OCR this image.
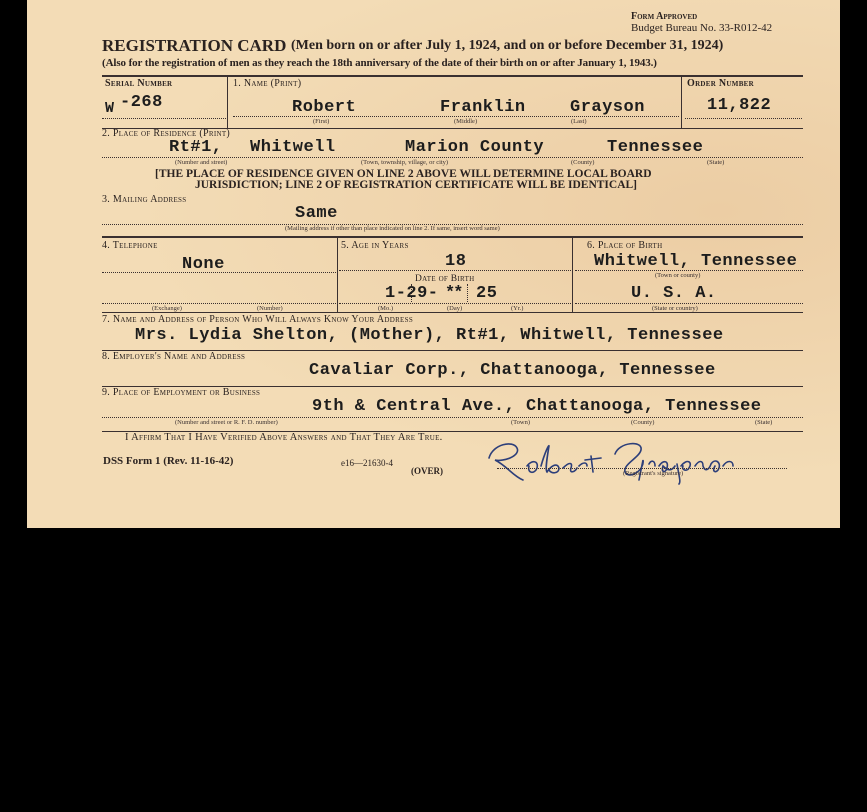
Form Approved
Budget Bureau No. 33-R012-42
REGISTRATION CARD (Men born on or after July 1, 1924, and on or before December 31, 1924)
(Also for the registration of men as they reach the 18th anniversary of the date of their birth on or after January 1, 1943.)
Serial Number
W -268
1. Name (Print)
Robert	Franklin	Grayson
(First)	(Middle)	(Last)
Order Number
11,822
2. Place of Residence (Print)
Rt#1, Whitwell	Marion County	Tennessee
(Number and street)	(Town, township, village, or city)	(County)	(State)
[THE PLACE OF RESIDENCE GIVEN ON LINE 2 ABOVE WILL DETERMINE LOCAL BOARD
JURISDICTION; LINE 2 OF REGISTRATION CERTIFICATE WILL BE IDENTICAL]
3. Mailing Address
Same
(Mailing address if other than place indicated on line 2. If same, insert word same)
4. Telephone
None
(Exchange)	(Number)
5. Age in Years
18
Date of Birth
1-29- ** 25
(Mo.)	(Day)	(Yr.)
6. Place of Birth
Whitwell, Tennessee
(Town or county)
U. S. A.
(State or country)
7. Name and Address of Person Who Will Always Know Your Address
Mrs. Lydia Shelton, (Mother), Rt#1, Whitwell, Tennessee
8. Employer's Name and Address
Cavaliar Corp., Chattanooga, Tennessee
9. Place of Employment or Business
9th & Central Ave., Chattanooga, Tennessee
(Number and street or R. F. D. number)	(Town)	(County)	(State)
I Affirm That I Have Verified Above Answers and That They Are True.
DSS Form 1 (Rev. 11-16-42)	e16—21630-4
(OVER)	(Registrant's signature)
